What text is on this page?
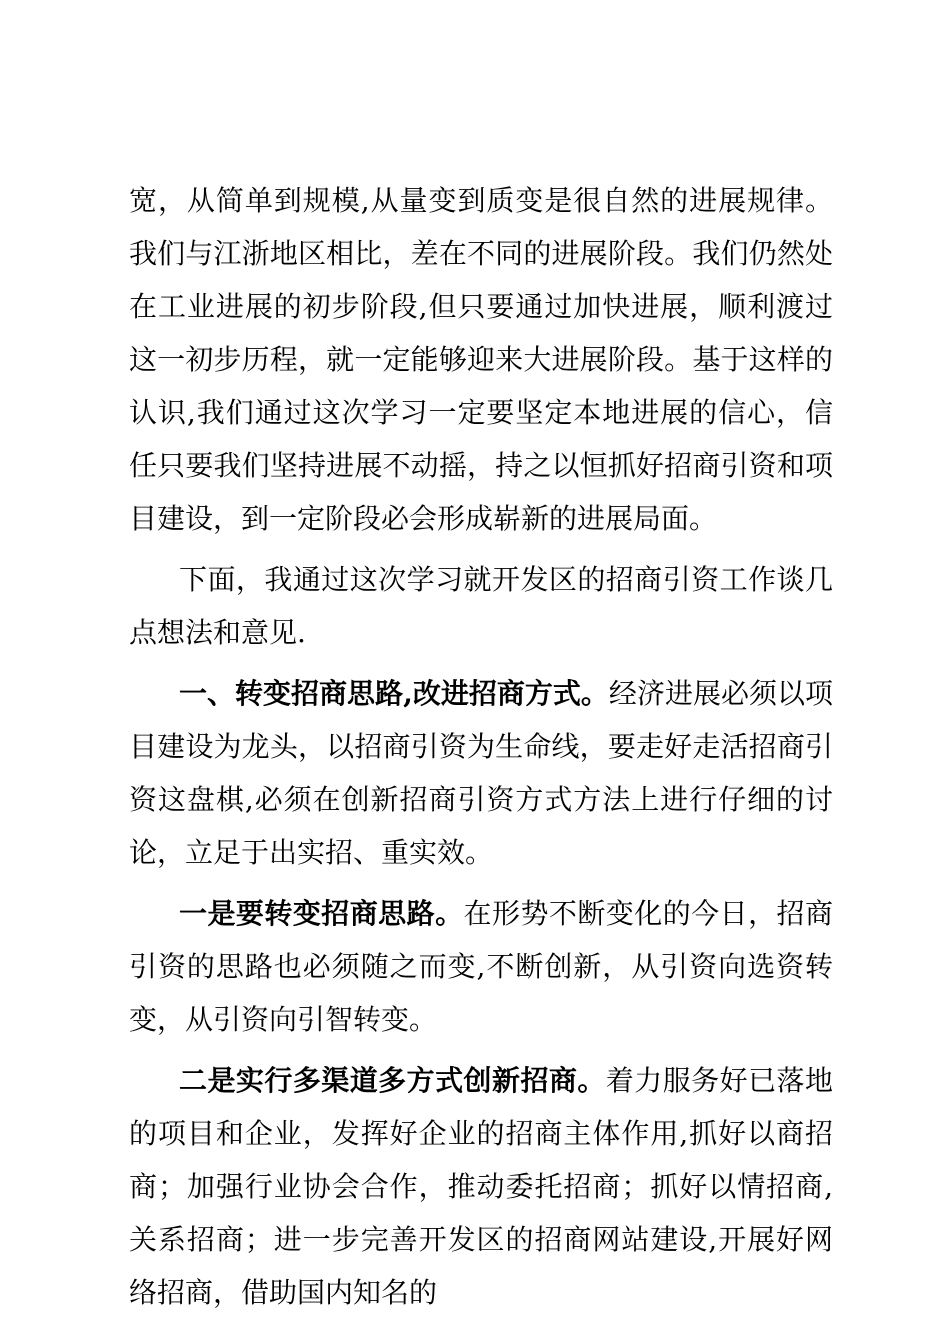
宽，从简单到规模,从量变到质变是很自然的进展规律。我们与江浙地区相比，差在不同的进展阶段。我们仍然处在工业进展的初步阶段,但只要通过加快进展，顺利渡过这一初步历程，就一定能够迎来大进展阶段。基于这样的认识,我们通过这次学习一定要坚定本地进展的信心，信任只要我们坚持进展不动摇，持之以恒抓好招商引资和项目建设，到一定阶段必会形成崭新的进展局面。

下面，我通过这次学习就开发区的招商引资工作谈几点想法和意见.

一、转变招商思路,改进招商方式。经济进展必须以项目建设为龙头，以招商引资为生命线，要走好走活招商引资这盘棋,必须在创新招商引资方式方法上进行仔细的讨论，立足于出实招、重实效。

一是要转变招商思路。在形势不断变化的今日，招商引资的思路也必须随之而变,不断创新，从引资向选资转变，从引资向引智转变。

二是实行多渠道多方式创新招商。着力服务好已落地的项目和企业，发挥好企业的招商主体作用,抓好以商招商；加强行业协会合作，推动委托招商；抓好以情招商,关系招商；进一步完善开发区的招商网站建设,开展好网络招商，借助国内知名的
